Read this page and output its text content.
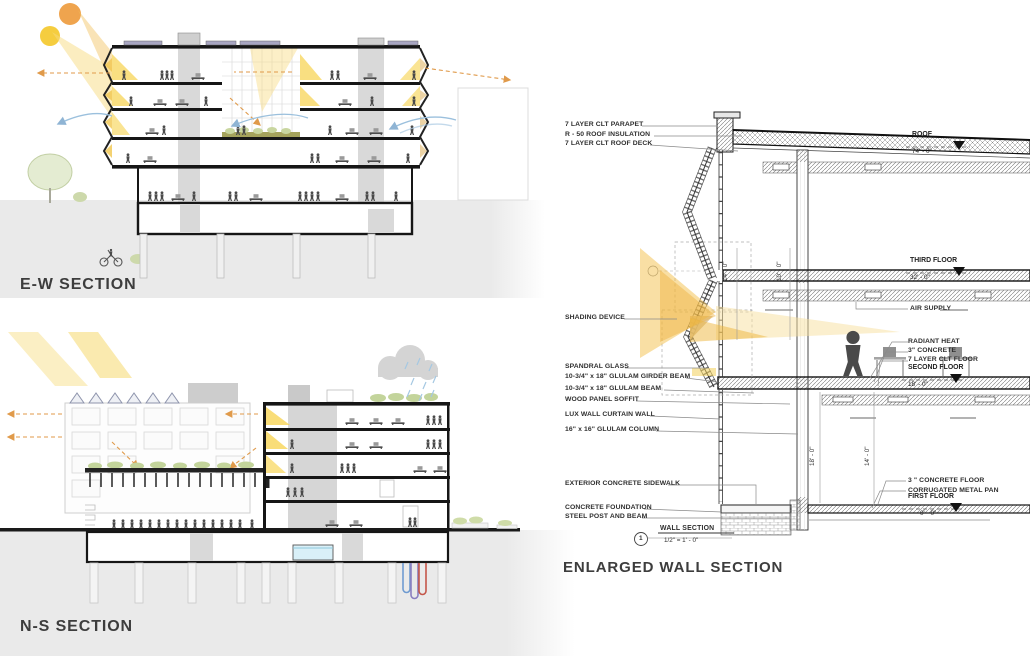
E-W SECTION
N-S SECTION
ENLARGED WALL SECTION
7 LAYER CLT PARAPET
R - 50 ROOF INSULATION
7 LAYER CLT ROOF DECK
SHADING DEVICE
SPANDRAL GLASS
10-3/4" x 18" GLULAM GIRDER BEAM
10-3/4" x 18" GLULAM BEAM
WOOD PANEL SOFFIT
LUX WALL CURTAIN WALL
16" x 16" GLULAM COLUMN
EXTERIOR CONCRETE SIDEWALK
CONCRETE FOUNDATION
STEEL POST AND BEAM
AIR SUPPLY
RADIANT HEAT
3" CONCRETE
7 LAYER CLT FLOOR
3 " CONCRETE FLOOR
CORRUGATED METAL PAN
ROOF
74' - 0"
THIRD FLOOR
32' - 0"
SECOND FLOOR
18' - 0"
FIRST FLOOR
0' - 0"
14' - 0"	10' - 0"
18' - 0"	14' - 0"
1
WALL SECTION
1/2" = 1' - 0"
